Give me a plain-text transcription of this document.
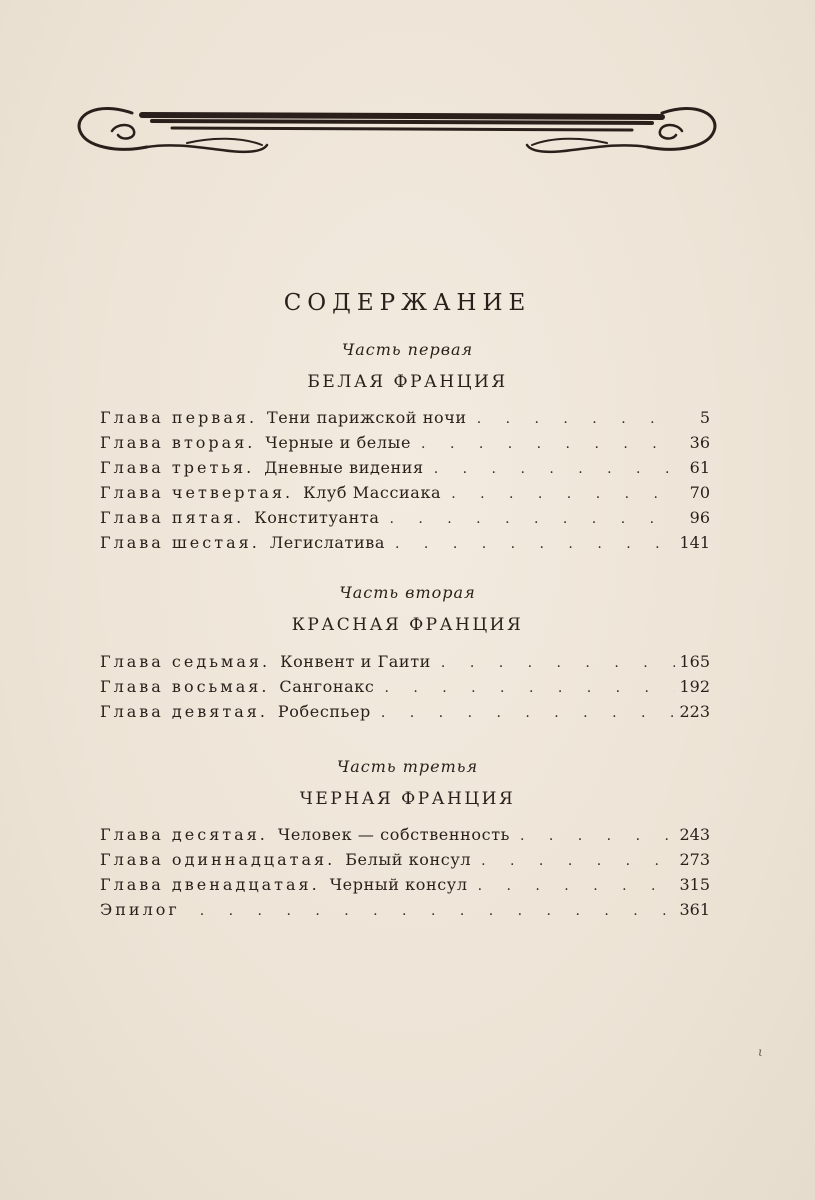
СОДЕРЖАНИЕ
Часть первая
БЕЛАЯ ФРАНЦИЯ
Глава первая. Тени парижской ночи . . .	5
Глава вторая. Черные и белые . . .	36
Глава третья. Дневные видения . . .	61
Глава четвертая. Клуб Массиака . . .	70
Глава пятая. Конституанта . . .	96
Глава шестая. Легислатива . . .	141
Часть вторая
КРАСНАЯ ФРАНЦИЯ
Глава седьмая. Конвент и Гаити . . .	165
Глава восьмая. Сангонакс . . .	192
Глава девятая. Робеспьер . . .	223
Часть третья
ЧЕРНАЯ ФРАНЦИЯ
Глава десятая. Человек — собственность . . .	243
Глава одиннадцатая. Белый консул . . .	273
Глава двенадцатая. Черный консул . . .	315
Эпилог . . .	361
ι
